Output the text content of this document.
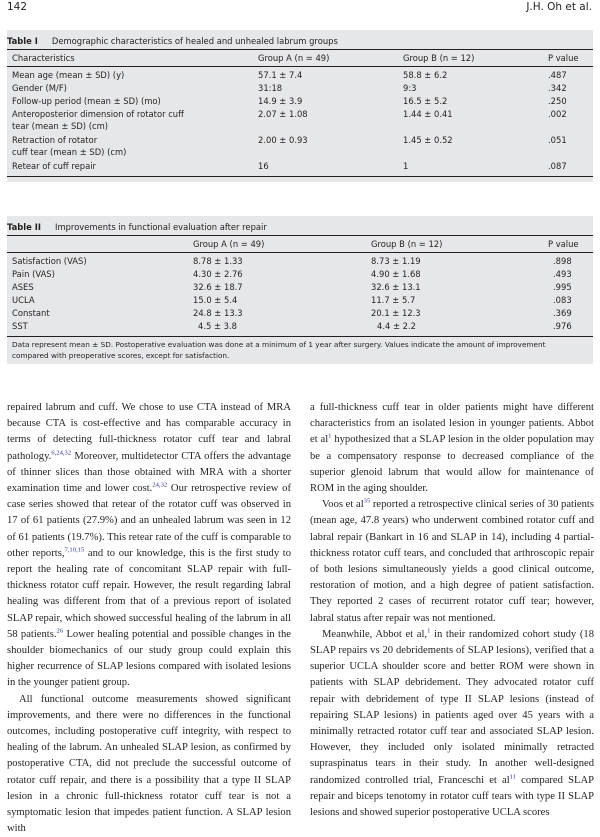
142	J.H. Oh et al.
Table I Demographic characteristics of healed and unhealed labrum groups
Characteristics	Group A (n = 49)	Group B (n = 12)	P value
Mean age (mean ± SD) (y)	57.1 ± 7.4	58.8 ± 6.2	.487
Gender (M/F)	31:18	9:3	.342
Follow-up period (mean ± SD) (mo)	14.9 ± 3.9	16.5 ± 5.2	.250
Anteroposterior dimension of rotator cuff	2.07 ± 1.08	1.44 ± 0.41	.002
tear (mean ± SD) (cm)
Retraction of rotator	2.00 ± 0.93	1.45 ± 0.52	.051
cuff tear (mean ± SD) (cm)
Retear of cuff repair	16	1	.087
Table II Improvements in functional evaluation after repair
Group A (n = 49)	Group B (n = 12)	P value
Satisfaction (VAS)	8.78 ± 1.33	8.73 ± 1.19	.898
Pain (VAS)	4.30 ± 2.76	4.90 ± 1.68	.493
ASES	32.6 ± 18.7	32.6 ± 13.1	.995
UCLA	15.0 ± 5.4	11.7 ± 5.7	.083
Constant	24.8 ± 13.3	20.1 ± 12.3	.369
SST	4.5 ± 3.8	4.4 ± 2.2	.976
Data represent mean ± SD. Postoperative evaluation was done at a minimum of 1 year after surgery. Values indicate the amount of improvement
compared with preoperative scores, except for satisfaction.

repaired labrum and cuff. We chose to use CTA instead of MRA because CTA is cost-effective and has comparable accuracy in terms of detecting full-thickness rotator cuff tear and labral pathology.$^{6,24,32}$ Moreover, multidetector CTA offers the advantage of thinner slices than those obtained with MRA with a shorter examination time and lower cost.$^{24,32}$ Our retrospective review of case series showed that retear of the rotator cuff was observed in 17 of 61 patients (27.9%) and an unhealed labrum was seen in 12 of 61 patients (19.7%). This retear rate of the cuff is comparable to other reports,$^{7,10,15}$ and to our knowledge, this is the first study to report the healing rate of concomitant SLAP repair with full-thickness rotator cuff repair. However, the result regarding labral healing was different from that of a previous report of isolated SLAP repair, which showed successful healing of the labrum in all 58 patients.$^{26}$ Lower healing potential and possible changes in the shoulder biomechanics of our study group could explain this higher recurrence of SLAP lesions compared with isolated lesions in the younger patient group.

All functional outcome measurements showed significant improvements, and there were no differences in the functional outcomes, including postoperative cuff integrity, with respect to healing of the labrum. An unhealed SLAP lesion, as confirmed by postoperative CTA, did not preclude the successful outcome of rotator cuff repair, and there is a possibility that a type II SLAP lesion in a chronic full-thickness rotator cuff tear is not a symptomatic lesion that impedes patient function. A SLAP lesion with

a full-thickness cuff tear in older patients might have different characteristics from an isolated lesion in younger patients. Abbot et al$^1$ hypothesized that a SLAP lesion in the older population may be a compensatory response to decreased compliance of the superior glenoid labrum that would allow for maintenance of ROM in the aging shoulder.

Voos et al$^{35}$ reported a retrospective clinical series of 30 patients (mean age, 47.8 years) who underwent combined rotator cuff and labral repair (Bankart in 16 and SLAP in 14), including 4 partial-thickness rotator cuff tears, and concluded that arthroscopic repair of both lesions simultaneously yields a good clinical outcome, restoration of motion, and a high degree of patient satisfaction. They reported 2 cases of recurrent rotator cuff tear; however, labral status after repair was not mentioned.

Meanwhile, Abbot et al,$^1$ in their randomized cohort study (18 SLAP repairs vs 20 debridements of SLAP lesions), verified that a superior UCLA shoulder score and better ROM were shown in patients with SLAP debridement. They advocated rotator cuff repair with debridement of type II SLAP lesions (instead of repairing SLAP lesions) in patients aged over 45 years with a minimally retracted rotator cuff tear and associated SLAP lesion. However, they included only isolated minimally retracted supraspinatus tears in their study. In another well-designed randomized controlled trial, Franceschi et al$^{11}$ compared SLAP repair and biceps tenotomy in rotator cuff tears with type II SLAP lesions and showed superior postoperative UCLA scores
